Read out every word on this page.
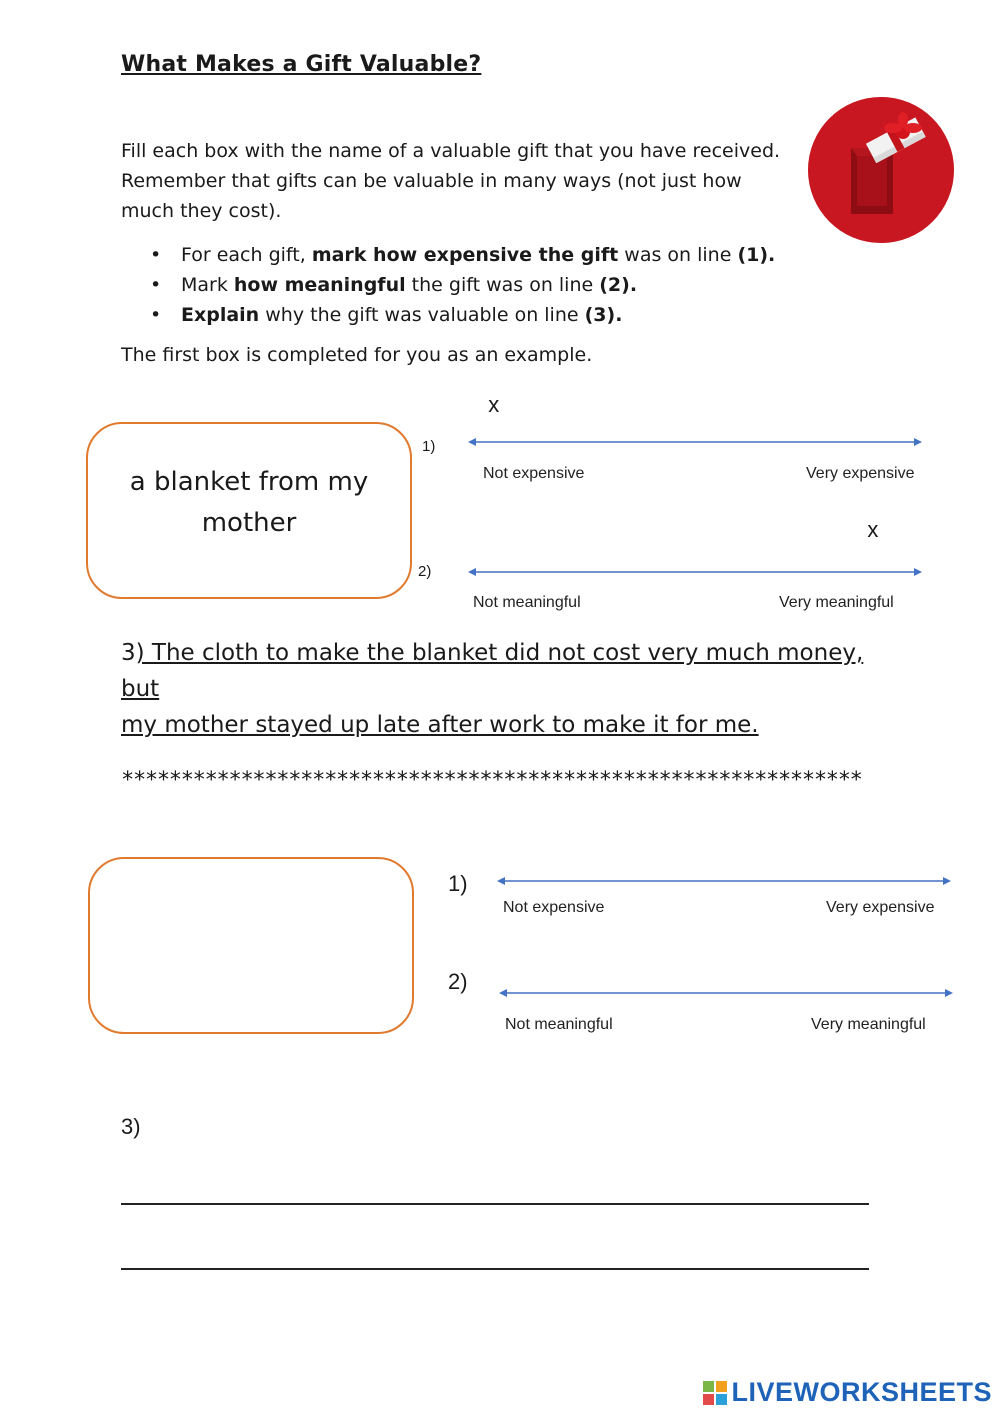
What Makes a Gift Valuable?
Fill each box with the name of a valuable gift that you have received. Remember that gifts can be valuable in many ways (not just how much they cost).
• For each gift, mark how expensive the gift was on line (1).
• Mark how meaningful the gift was on line (2).
• Explain why the gift was valuable on line (3).
The first box is completed for you as an example.
a blanket from my
mother
1)
x
Not expensive	Very expensive
x
2)
Not meaningful	Very meaningful
3) The cloth to make the blanket did not cost very much money, but
my mother stayed up late after work to make it for me.
**************************************************************
1)
Not expensive	Very expensive
2)
Not meaningful	Very meaningful
3)
LIVEWORKSHEETS
